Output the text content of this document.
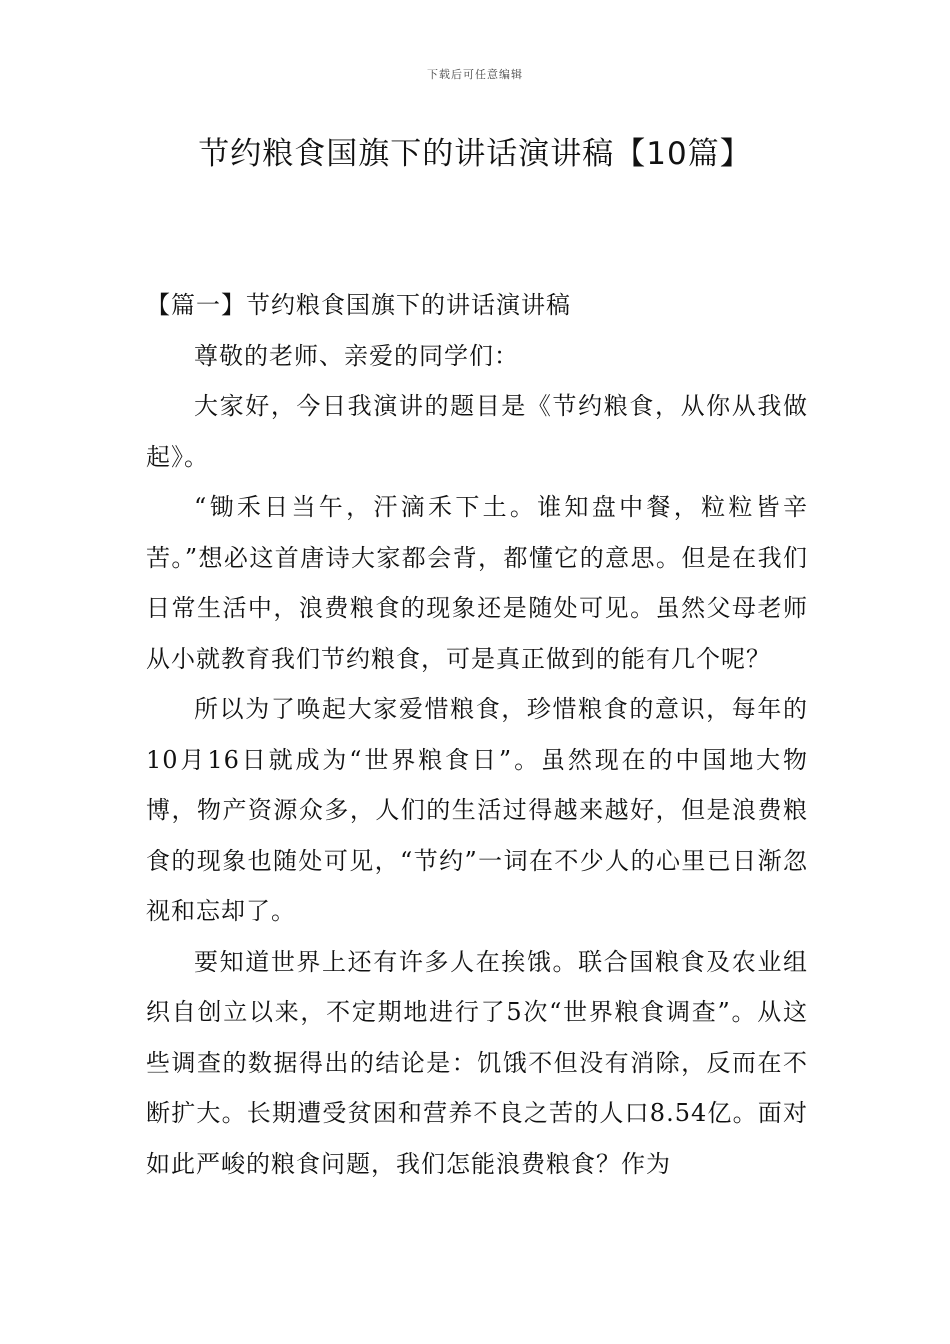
下载后可任意编辑
节约粮食国旗下的讲话演讲稿【10篇】
【篇一】节约粮食国旗下的讲话演讲稿

尊敬的老师、亲爱的同学们：

大家好，今日我演讲的题目是《节约粮食，从你从我做起》。

“锄禾日当午，汗滴禾下土。谁知盘中餐，粒粒皆辛苦。”想必这首唐诗大家都会背，都懂它的意思。但是在我们日常生活中，浪费粮食的现象还是随处可见。虽然父母老师从小就教育我们节约粮食，可是真正做到的能有几个呢？

所以为了唤起大家爱惜粮食，珍惜粮食的意识，每年的10月16日就成为“世界粮食日”。虽然现在的中国地大物博，物产资源众多，人们的生活过得越来越好，但是浪费粮食的现象也随处可见，“节约”一词在不少人的心里已日渐忽视和忘却了。

要知道世界上还有许多人在挨饿。联合国粮食及农业组织自创立以来，不定期地进行了5次“世界粮食调查”。从这些调查的数据得出的结论是：饥饿不但没有消除，反而在不断扩大。长期遭受贫困和营养不良之苦的人口8.54亿。面对如此严峻的粮食问题，我们怎能浪费粮食？作为
